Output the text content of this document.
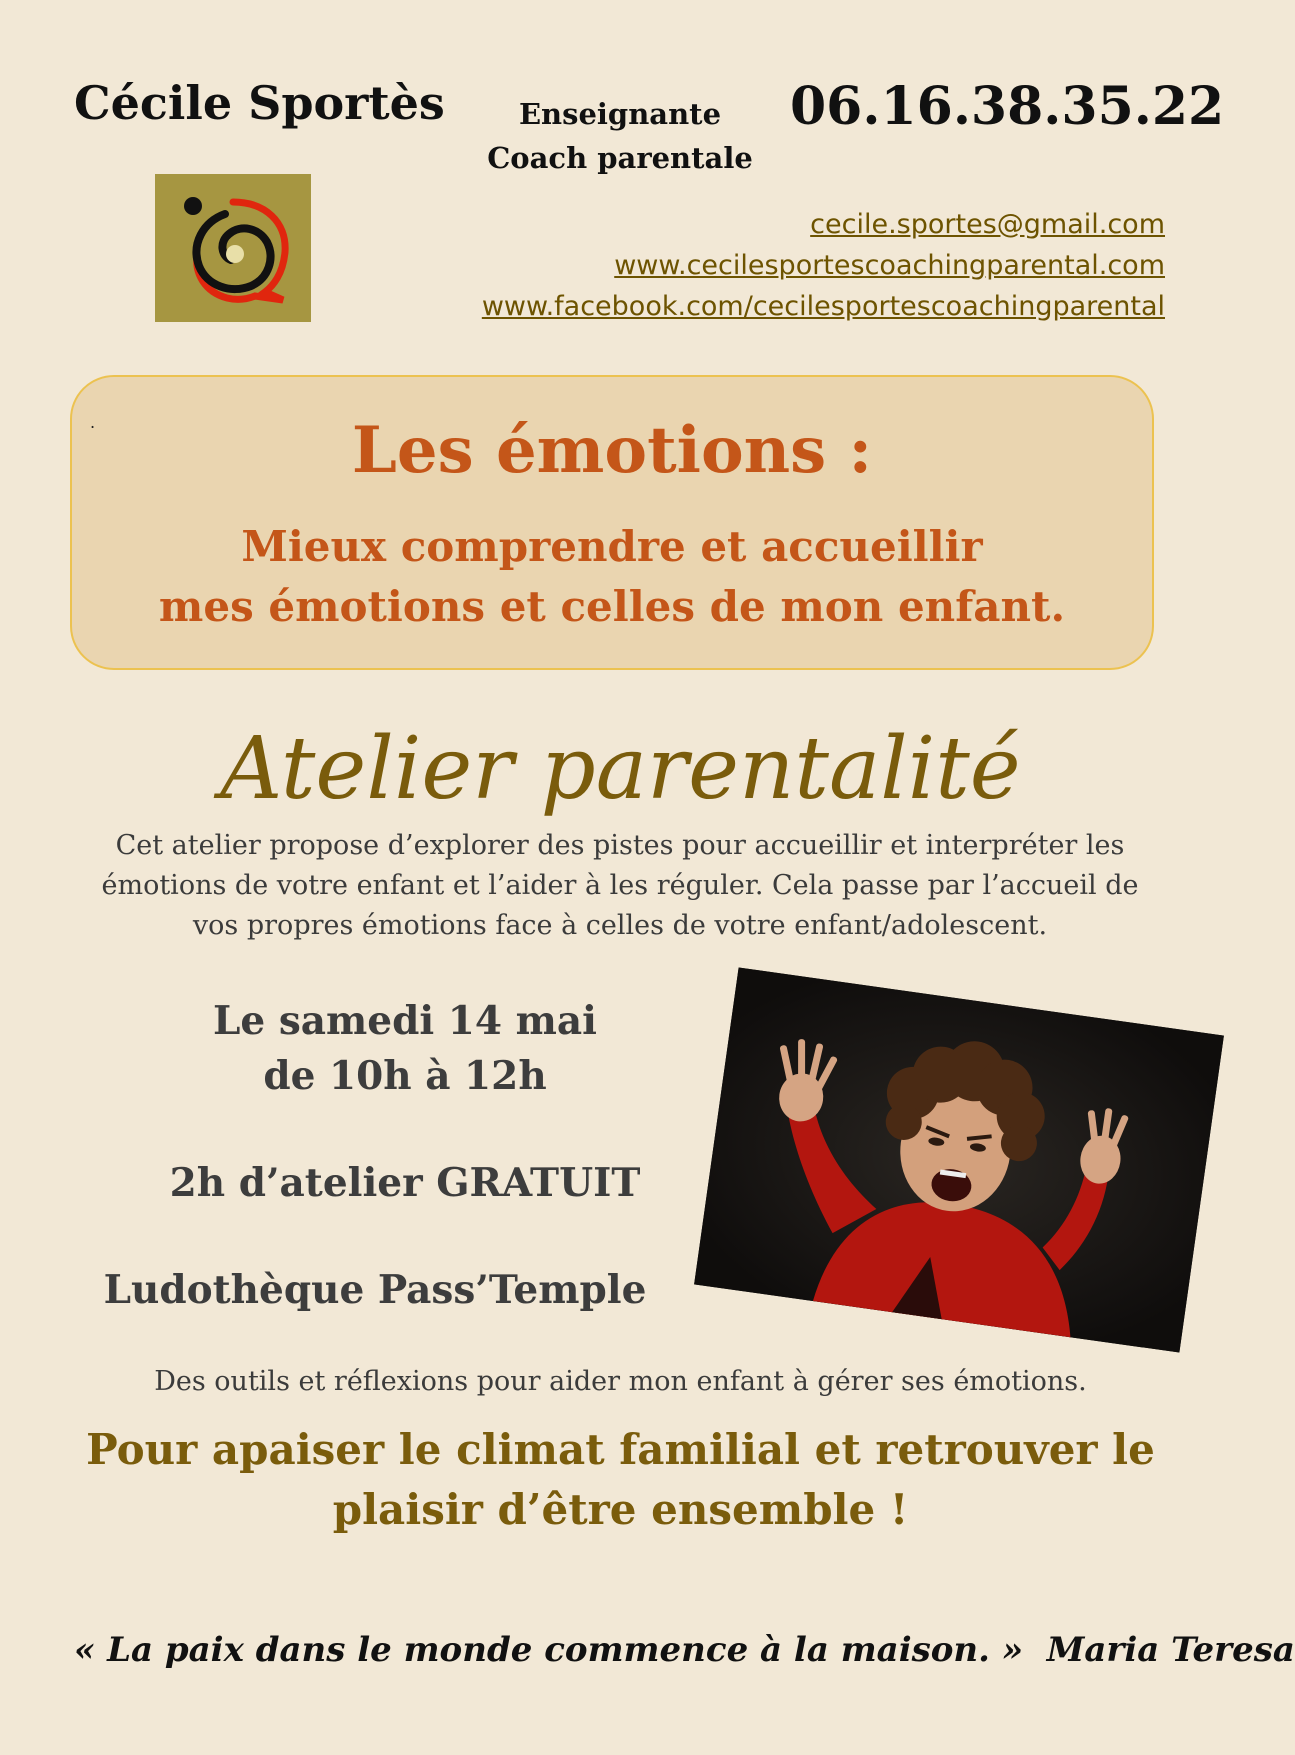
Cécile Sportès	Enseignante
Coach parentale
06.16.38.35.22
cecile.sportes@gmail.com
www.cecilesportescoachingparental.com
www.facebook.com/cecilesportescoachingparental
.	Les émotions :
Mieux comprendre et accueillir
mes émotions et celles de mon enfant.
Atelier parentalité
Cet atelier propose d’explorer des pistes pour accueillir et interpréter les émotions de votre enfant et l’aider à les réguler. Cela passe par l’accueil de vos propres émotions face à celles de votre enfant/adolescent.
Le samedi 14 mai
de 10h à 12h
2h d’atelier GRATUIT
Ludothèque Pass’Temple
Des outils et réflexions pour aider mon enfant à gérer ses émotions.
Pour apaiser le climat familial et retrouver le
plaisir d’être ensemble !
« La paix dans le monde commence à la maison. » Maria Teresa
